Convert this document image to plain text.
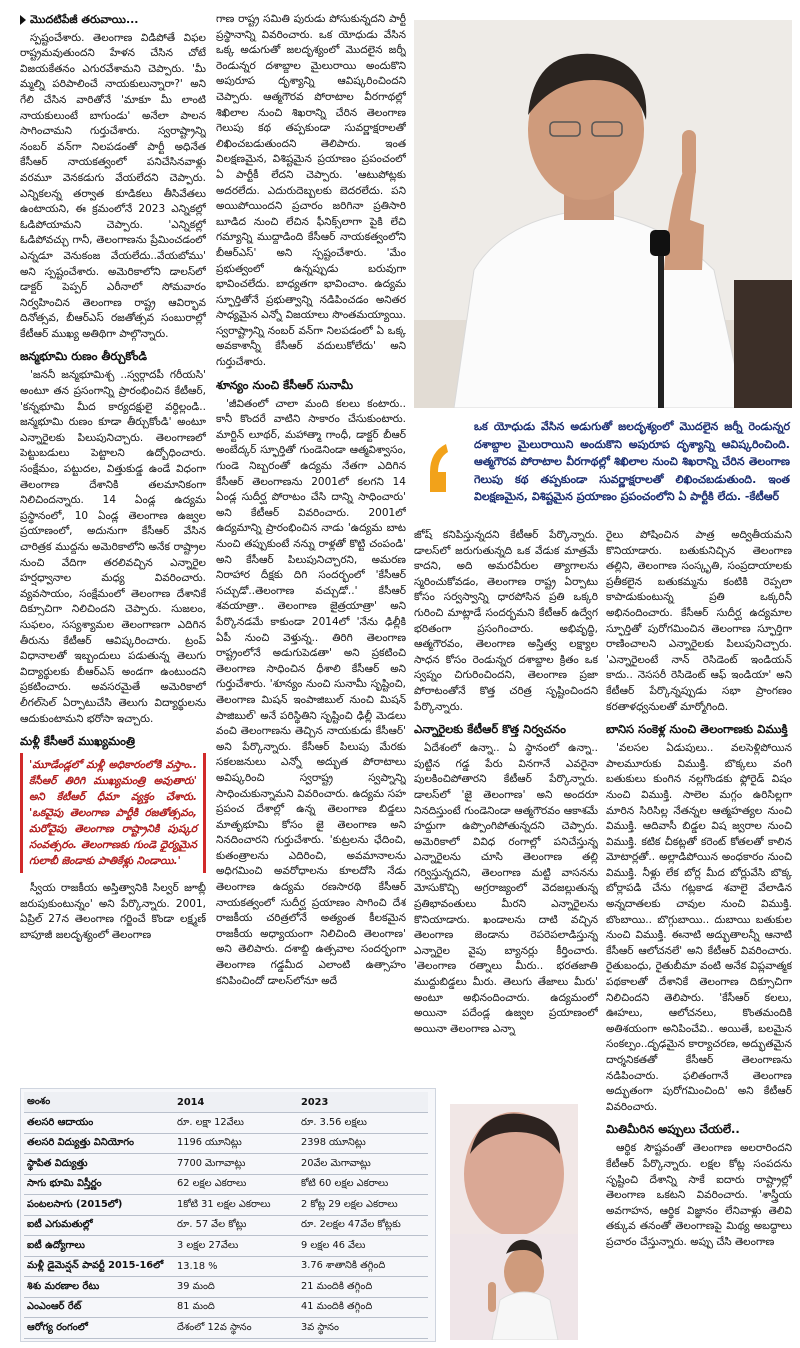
మొదటిపేజీ తరువాయి...

స్పష్టంచేశారు. తెలంగాణ విడిపోతే విఫల రాష్ట్రమవుతుందని హేళన చేసిన చోటే విజయకేతనం ఎగురవేశామని చెప్పారు. 'మీ మ్మల్ని పరిపాలించే నాయకులున్నారా?' అని గేలి చేసిన వారితోనే 'మాకూ మీ లాంటి నాయకులుంటే బాగుండు' అనేలా పాలన సాగించామని గుర్తుచేశారు. స్వరాష్ట్రాన్ని నంబర్ వన్‌గా నిలపడంతో పార్టీ అధినేత కేసీఆర్ నాయకత్వంలో పనిచేసినవాళ్లు వరమూ వెనకడుగు వేయలేదని చెప్పారు. ఎన్నికలన్న తర్వాత కూడికలు తీసివేతలు ఉంటాయని, ఈ క్రమంలోనే 2023 ఎన్నికల్లో ఓడిపోయామని చెప్పారు. 'ఎన్నికల్లో ఓడిపోవచ్చు గానీ, తెలంగాణను ప్రేమించడంలో ఎన్నడూ వెనుకంజ వేయలేదు..వేయబోము' అని స్పష్టంచేశారు. అమెరికాలోని డాలస్‌లో డాక్టర్ పెప్పర్ ఎరీనాలో సోమవారం నిర్వహించిన తెలంగాణ రాష్ట్ర ఆవిర్భావ దినోత్సవ, బీఆర్ఎస్ రజతోత్సవ సంబురాల్లో కేటీఆర్ ముఖ్య అతిథిగా పాల్గొన్నారు.

జన్మభూమి రుణం తీర్చుకోండి

'జననీ జన్మభూమిశ్చ ..స్వర్గాదపీ గరీయసి' అంటూ తన ప్రసంగాన్ని ప్రారంభించిన కేటీఆర్, 'కన్నభూమి మీద కార్యదక్షులై వర్ధిల్లండి.. జన్మభూమి రుణం కూడా తీర్చుకోండి' అంటూ ఎన్నారైలకు పిలుపునిచ్చారు. తెలంగాణలో పెట్టుబడులు పెట్టాలని ఉద్బోధించారు. సంక్షేమం, పట్టుదల, విత్తుకుడ్డ ఉండే విధంగా తెలంగాణ దేశానికి తలమానికంగా నిలిచిందన్నారు. 14 ఏండ్ల ఉద్యమ ప్రస్థానంలో, 10 ఏండ్ల తెలంగాణ ఉజ్వల ప్రయాణంలో, అదునుగా కేసీఆర్ వేసిన చారిత్రక ముద్దను అమెరికాలోని అనేక రాష్ట్రాల నుంచి వేదిగా తరలివచ్చిన ఎన్నారైల హర్షధ్వానాల మధ్య వివరించారు. వ్యవసాయం, సంక్షేమంలో తెలంగాణ దేశానికే దిక్సూచిగా నిలిచిందని చెప్పారు. సుజలం, సుఫలం, సస్యశ్యామల తెలంగాణగా ఎదిగిన తీరును కేటీఆర్ ఆవిష్కరించారు. ట్రంప్ విధానాలతో ఇబ్బందులు పడుతున్న తెలుగు విద్యార్థులకు బీఆర్ఎస్ అండగా ఉంటుందని ప్రకటించారు. అవసరమైతే అమెరికాలో లీగల్‌సెల్ ఏర్పాటుచేసి తెలుగు విద్యార్థులను ఆదుకుంటామని భరోసా ఇచ్చారు.

మళ్లీ కేసీఆరే ముఖ్యమంత్రి
'మూడేండ్లలో మళ్లీ అధికారంలోకి వస్తాం.. కేసీఆర్ తిరిగి ముఖ్యమంత్రి అవుతారు' అని కేటీఆర్ ధీమా వ్యక్తం చేశారు. 'ఒకవైపు తెలంగాణ పార్టీకి రజతోత్సవం, మరోవైపు తెలంగాణ రాష్ట్రానికి పుష్కర సంవత్సరం. తెలంగాణకు గుండె ధైర్యమైన గులాబీ జెండాకు పాతికేళ్లు నిండాయి.'

స్వీయ రాజకీయ అస్తిత్వానికి సిల్వర్ జూబ్లీ జరుపుకుంటున్నం' అని పేర్కొన్నారు. 2001, ఏప్రిల్ 27న తెలంగాణ గర్జించే కొండా లక్ష్మణ్ బాపూజీ జలదృశ్యంలో తెలంగాణ

గాణ రాష్ట్ర సమితి పురుడు పోసుకున్నదని పార్టీ ప్రస్థానాన్ని వివరించారు. ఒక యోధుడు వేసిన ఒక్క అడుగుతో జలదృశ్యంలో మొదలైన జర్నీ రెండున్నర దశాబ్దాల మైలురాయి అందుకొని అపురూప దృశ్యాన్ని ఆవిష్కరించిందని చెప్పారు. ఆత్మగౌరవ పోరాటాల వీరగాథల్లో శిఖిలాల నుంచి శిఖరాన్ని చేరిన తెలంగాణ గెలుపు కథ తప్పకుండా సువర్ణాక్షరాలతో లిఖించబడుతుందని తెలిపారు. ఇంత విలక్షణమైన, విశిష్టమైన ప్రయాణం ప్రపంచంలో ఏ పార్టీకీ లేదని చెప్పారు. 'ఆటుపోట్లకు అదరలేదు. ఎదురుదెబ్బలకు బెదరలేదు. పని అయిపోయిందని ప్రచారం జరిగినా ప్రతిసారి బూడిద నుంచి లేచిన ఫీనిక్స్‌లాగా పైకి లేచి గమ్యాన్ని ముద్దాడింది కేసీఆర్ నాయకత్వంలోని బీఆర్ఎస్' అని స్పష్టంచేశారు. 'మేం ప్రభుత్వంలో ఉన్నప్పుడు బరువుగా భావించలేదు. బాధ్యతగా భావించాం. ఉద్యమ స్ఫూర్తితోనే ప్రభుత్వాన్ని నడిపించడం అనితర సాధ్యమైన ఎన్నో విజయాలు సొంతమయ్యాయి. స్వరాష్ట్రాన్ని నంబర్ వన్‌గా నిలపడంలో ఏ ఒక్క అవకాశాన్నీ కేసీఆర్ వదులుకోలేదు' అని గుర్తుచేశారు.

శూన్యం నుంచి కేసీఆర్ సునామీ

'జీవితంలో చాలా మంది కలలు కంటారు.. కానీ కొందరే వాటిని సాకారం చేసుకుంటారు. మార్టిన్ లూథర్, మహాత్మా గాంధీ, డాక్టర్ బీఆర్ అంబేద్కర్ స్ఫూర్తితో గుండెనిండా ఆత్మవిశ్వాసం, గుండె నిబ్బరంతో ఉద్యమ నేతగా ఎదిగిన కేసీఆర్ తెలంగాణను 2001లో కలగని 14 ఏండ్ల సుదీర్ఘ పోరాటం చేసి దాన్ని సాధించారు' అని కేటీఆర్ వివరించారు. 2001లో ఉద్యమాన్ని ప్రారంభించిన నాడు 'ఉద్యమ బాట నుంచి తప్పుకుంటే నన్ను రాళ్లతో కొట్టి చంపండి' అని కేసీఆర్ పిలుపునిచ్చారని, అమరణ నిరాహార దీక్షకు దిగి సందర్భంలో 'కేసీఆర్ సచ్చుడో..తెలంగాణ వచ్చుడో..' కేసీఆర్ శవయాత్రా.. తెలంగాణ జైత్రయాత్రా' అని పేర్కొనడమే కాకుండా 2014లో 'నేను ఢిల్లీకి ఏపీ నుంచి వెళ్తున్న.. తిరిగి తెలంగాణ రాష్ట్రంలోనే అడుగుపెడతా' అని ప్రకటించి తెలంగాణ సాధించిన ధీశాలి కేసీఆర్ అని గుర్తుచేశారు. 'శూన్యం నుంచి సునామీ సృష్టించి, తెలంగాణ మిషన్ ఇంపాజిబుల్ నుంచి మిషన్ పాజిబుల్' అనే పరిస్థితిని సృష్టించి ఢిల్లీ మెడలు వంచి తెలంగాణను తెచ్చిన నాయకుడు కేసీఆర్' అని పేర్కొన్నారు. కేసీఆర్ పిలుపు మేరకు సకలజనులు ఎన్నో అద్భుత పోరాటాలు అవిష్కరించి స్వరాష్ట్ర స్వప్నాన్ని సాధించుకున్నామని వివరించారు. ఉద్యమ సహ ప్రపంచ దేశాల్లో ఉన్న తెలంగాణ బిడ్డలు మాతృభూమి కోసం జై తెలంగాణ అని నినదించారని గుర్తుచేశారు. 'కుట్రలను ఛేదించి, కుతంత్రాలను ఎదిరించి, అవమానాలను అధిగమించి అవరోధాలను కూలదోసి నేడు తెలంగాణ ఉద్యమ రణసారథి కేసీఆర్ నాయకత్వంలో సుదీర్ఘ ప్రయాణం సాగించి దేశ రాజకీయ చరిత్రలోనే అత్యంత కీలకమైన రాజకీయ అధ్యాయంగా నిలిచింది తెలంగాణ' అని తెలిపారు. దశాబ్ది ఉత్సవాల సందర్భంగా తెలంగాణ గడ్డమీద ఎలాంటి ఉత్సాహం కనిపించిందో డాలస్‌లోనూ అదే

ఒక యోధుడు వేసిన అడుగుతో జలదృశ్యంలో మొదలైన జర్నీ రెండున్నర దశాబ్దాల మైలురాయిని అందుకొని అపురూప దృశ్యాన్ని ఆవిష్కరించింది. ఆత్మగౌరవ పోరాటాల వీరగాథల్లో శిఖిలాల నుంచి శిఖరాన్ని చేరిన తెలంగాణ గెలుపు కథ తప్పకుండా సువర్ణాక్షరాలతో లిఖించబడుతుంది. ఇంత విలక్షణమైన, విశిష్టమైన ప్రయాణం ప్రపంచంలోని ఏ పార్టీకి లేదు. -కేటీఆర్

జోష్ కనిపిస్తున్నదని కేటీఆర్ పేర్కొన్నారు. డాలస్‌లో జరుగుతున్నది ఒక వేడుక మాత్రమే కాదని, అది అమరవీరుల త్యాగాలను స్మరించుకోవడం, తెలంగాణ రాష్ట్ర ఏర్పాటు కోసం సర్వస్వాన్ని ధారపోసిన ప్రతి ఒక్కరి గురించి మాట్లాడే సందర్భమని కేటీఆర్ ఉద్వేగ భరితంగా ప్రసంగించారు. అభివృద్ధి, ఆత్మగౌరవం, తెలంగాణ అస్తిత్వ లక్ష్యాల సాధన కోసం రెండున్నర దశాబ్దాల క్రితం ఒక స్వప్నం చిగురించిందని, తెలంగాణ ప్రజా పోరాటంతోనే కొత్త చరిత్ర సృష్టించిందని పేర్కొన్నారు.

ఎన్నారైలకు కేటీఆర్ కొత్త నిర్వచనం

ఏదేశంలో ఉన్నా.. ఏ స్థానంలో ఉన్నా.. పుట్టిన గడ్డ పేరు వినగానే ఎవరైనా పులకించిపోతారని కేటీఆర్ పేర్కొన్నారు. డాలస్‌లో 'జై తెలంగాణ' అని అందరూ నినదిస్తుంటే గుండెనిండా ఆత్మగౌరవం ఆకాశమే హద్దుగా ఉప్పొంగిపోతున్నదని చెప్పారు. అమెరికాలో వివిధ రంగాల్లో పనిచేస్తున్న ఎన్నారైలను చూసి తెలంగాణ తల్లి గర్విస్తున్నదని, తెలంగాణ మట్టి వాసనను మోసుకొచ్చి అగ్రరాజ్యంలో వెదజల్లుతున్న ప్రతిభావంతులు మీరని ఎన్నారైలను కొనియాడారు. ఖండాలను దాటి వచ్చిన తెలంగాణ జెండాను రెపరెపలాడిస్తున్న ఎన్నారైల వైపు బ్యానర్లు కీర్తించారు. 'తెలంగాణ రత్నాలు మీరు.. భరతజాతి ముద్దుబిడ్డలు మీరు. తెలుగు తేజాలు మీరు' అంటూ అభినందించారు. ఉద్యమంలో అయినా పదేండ్ల ఉజ్వల ప్రయాణంలో అయినా తెలంగాణ ఎన్నా

రైలు పోషించిన పాత్ర అద్వితీయమని కొనియాడారు. బతుకునిచ్చిన తెలంగాణ తల్లిని, తెలంగాణ సంస్కృతి, సంప్రదాయాలకు ప్రతీకలైన బతుకమ్మను కంటికి రెప్పలా కాపాడుకుంటున్న ప్రతి ఒక్కరినీ అభినందించారు. కేసీఆర్ సుదీర్ఘ ఉద్యమాల స్ఫూర్తితో పురోగమించిన తెలంగాణ స్ఫూర్తిగా రాణించాలని ఎన్నారైలకు పిలుపునిచ్చారు. 'ఎన్నారైలంటే నాన్ రెసిడెంట్ ఇండియన్ కాదు.. నెససరీ రెసిడెంట్ ఆఫ్ ఇండియా' అని కేటీఆర్ పేర్కొన్నప్పుడు సభా ప్రాంగణం కరతాళధ్వనులతో మార్మోగింది.

బానిస సంకెళ్ల నుంచి తెలంగాణకు విముక్తి

'వలసల ఏడుపులు.. వలసెళ్లిపోయిన పాలమూరుకు విముక్తి. బొక్కలు వంగి బతుకులు కుంగిన నల్లగొండకు ఫ్లోరైడ్ విషం నుంచి విముక్తి. సాలెల మగ్గం ఉరిసిల్లగా మారిన సిరిసిల్ల నేతన్నల ఆత్మహత్యల నుంచి విముక్తి. ఆదివాసీ బిడ్డల విష జ్వరాల నుంచి విముక్తి. కటిక చీకట్లతో కరెంట్ కోతలతో కాలిన మోటార్లతో.. అల్లాడిపోయిన అంధకారం నుంచి విముక్తి. నీళ్లు లేక బోర్ల మీద బోర్లువేసి బొక్క బోర్లాపడి చేను గట్లకాడ శవాలై వేలాడిన అన్నదాతలకు చావుల నుంచి విముక్తి. బొంబాయి.. బొగ్గుబాయి.. దుబాయి బతుకుల నుంచి విముక్తి. ఈనాటి అద్భుతాలన్నీ ఆనాటి కేసీఆర్ ఆలోచనలే' అని కేటీఆర్ వివరించారు. రైతుబంధు, రైతుబీమా వంటి అనేక విప్లవాత్మక పథకాలతో దేశానికే తెలంగాణ దిక్సూచిగా నిలిచిందని తెలిపారు. 'కేసీఆర్ కలలు, ఊహలు, ఆలోచనలు, కొంతమందికి అతిశయంగా అనిపించేవి.. అయితే, బలమైన సంకల్పం..దృఢమైన కార్యాచరణ, అద్భుతమైన దార్శనికతతో కేసీఆర్ తెలంగాణను నడిపించారు. ఫలితంగానే తెలంగాణ అద్భుతంగా పురోగమించింది' అని కేటీఆర్ వివరించారు.

మితిమీరిన అప్పులు చేయలే..

ఆర్థిక సౌష్టవంతో తెలంగాణ అలరారిందని కేటీఆర్ పేర్కొన్నారు. లక్షల కోట్ల సంపదను సృష్టించి దేశాన్ని సాకే ఐదారు రాష్ట్రాల్లో తెలంగాణ ఒకటని వివరించారు. 'శాస్త్రీయ అవగాహన, ఆర్థిక విజ్ఞానం లేనివాళ్లు తెలివి తక్కువ తనంతో తెలంగాణపై మిథ్య అబద్ధాలు ప్రచారం చేస్తున్నారు. అప్పు చేసి తెలంగాణ

అంశం	2014	2023
తలసరి ఆదాయం	రూ. లక్షా 12వేలు	రూ. 3.56 లక్షలు
తలసరి విద్యుత్తు వినియోగం	1196 యూనిట్లు	2398 యూనిట్లు
స్థాపిత విద్యుత్తు	7700 మెగావాట్లు	20వేల మెగావాట్లు
సాగు భూమి విస్తీర్ణం	62 లక్షల ఎకరాలు	కోటి 60 లక్షల ఎకరాలు
పంటలసాగు (2015లో)	1కోటి 31 లక్షల ఎకరాలు	2 కోట్ల 29 లక్షల ఎకరాలు
ఐటీ ఎగుమతుల్లో	రూ. 57 వేల కోట్లు	రూ. 2లక్షల 47వేల కోట్లకు
ఐటీ ఉద్యోగాలు	3 లక్షల 27వేలు	9 లక్షల 46 వేలు
మళ్లీ డైమెన్షన్ పావర్టీ 2015-16లో	13.18 %	3.76 శాతానికి తగ్గింది
శిశు మరణాల రేటు	39 మంది	21 మందికి తగ్గింది
ఎంఎంఆర్ రేట్	81 మంది	41 మందికి తగ్గింది
ఆరోగ్య రంగంలో	దేశంలో 12వ స్థానం	3వ స్థానం
